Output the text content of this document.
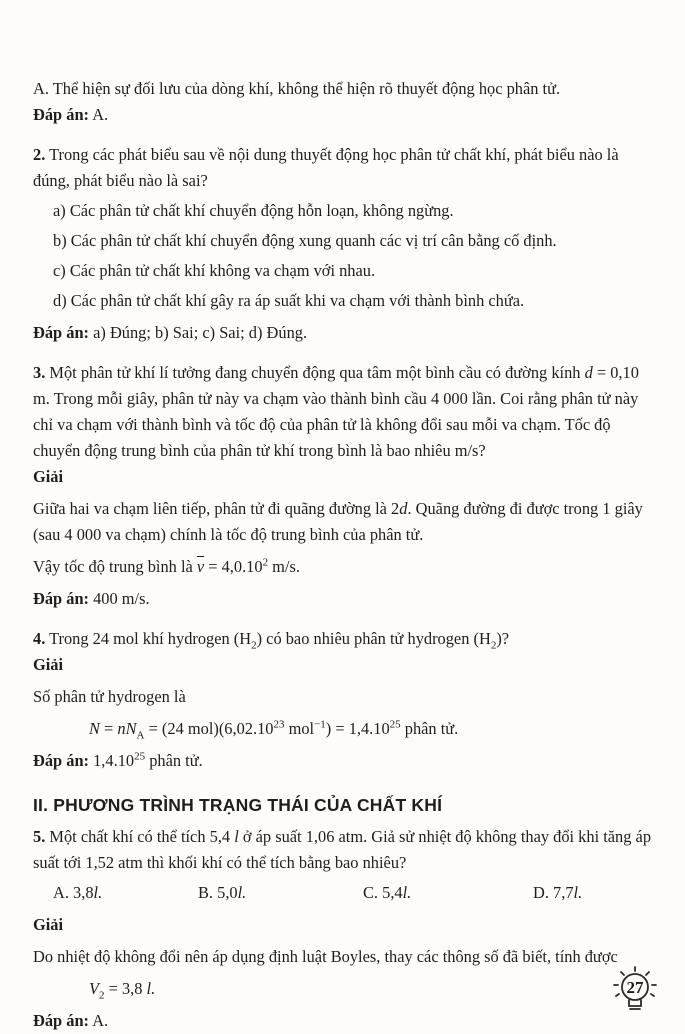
A. Thể hiện sự đối lưu của dòng khí, không thể hiện rõ thuyết động học phân tử.

Đáp án: A.

2. Trong các phát biểu sau về nội dung thuyết động học phân tử chất khí, phát biểu nào là đúng, phát biểu nào là sai?

a) Các phân tử chất khí chuyển động hỗn loạn, không ngừng.

b) Các phân tử chất khí chuyển động xung quanh các vị trí cân bằng cố định.

c) Các phân tử chất khí không va chạm với nhau.

d) Các phân tử chất khí gây ra áp suất khi va chạm với thành bình chứa.

Đáp án: a) Đúng; b) Sai; c) Sai; d) Đúng.

3. Một phân tử khí lí tưởng đang chuyển động qua tâm một bình cầu có đường kính d = 0,10 m. Trong mỗi giây, phân tử này va chạm vào thành bình cầu 4 000 lần. Coi rằng phân tử này chỉ va chạm với thành bình và tốc độ của phân tử là không đổi sau mỗi va chạm. Tốc độ chuyển động trung bình của phân tử khí trong bình là bao nhiêu m/s?

Giải

Giữa hai va chạm liên tiếp, phân tử đi quãng đường là 2d. Quãng đường đi được trong 1 giây (sau 4 000 va chạm) chính là tốc độ trung bình của phân tử.

Vậy tốc độ trung bình là $\overline{v} = 4,0.10^2$ m/s.

Đáp án: 400 m/s.

4. Trong 24 mol khí hydrogen $(H_2)$ có bao nhiêu phân tử hydrogen $(H_2)$?

Giải

Số phân tử hydrogen là

$N = nN_A = (24$ mol)(6,02.10$^{23}$ $mol^{-1}) = 1,4.10^{25}$ phân tử.

Đáp án: 1,4.10$^{25}$ phân tử.

II. PHƯƠNG TRÌNH TRẠNG THÁI CỦA CHẤT KHÍ

5. Một chất khí có thể tích 5,4 l ở áp suất 1,06 atm. Giả sử nhiệt độ không thay đổi khi tăng áp suất tới 1,52 atm thì khối khí có thể tích bằng bao nhiêu?

A. 3,8l.	B. 5,0l.	C. 5,4l.	D. 7,7l.

Giải

Do nhiệt độ không đổi nên áp dụng định luật Boyles, thay các thông số đã biết, tính được

$V_2 = 3,8$ l.

Đáp án: A.

27
